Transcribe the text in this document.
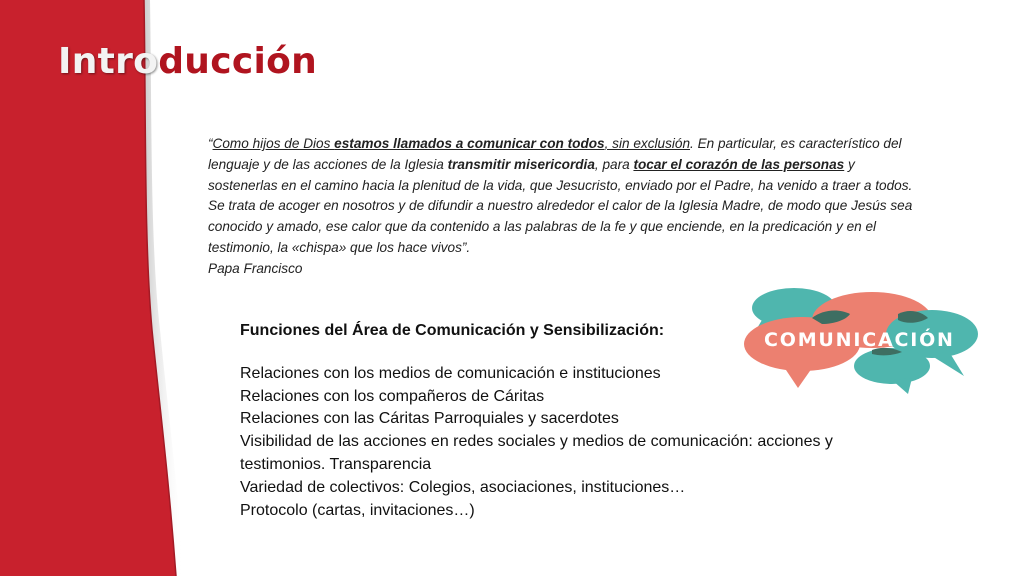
Introducción

“Como hijos de Dios estamos llamados a comunicar con todos, sin exclusión. En particular, es característico del lenguaje y de las acciones de la Iglesia transmitir misericordia, para tocar el corazón de las personas y sostenerlas en el camino hacia la plenitud de la vida, que Jesucristo, enviado por el Padre, ha venido a traer a todos. Se trata de acoger en nosotros y de difundir a nuestro alrededor el calor de la Iglesia Madre, de modo que Jesús sea conocido y amado, ese calor que da contenido a las palabras de la fe y que enciende, en la predicación y en el testimonio, la «chispa» que los hace vivos”.
Papa Francisco

Funciones del Área de Comunicación y Sensibilización:
Relaciones con los medios de comunicación e instituciones
Relaciones con los compañeros de Cáritas
Relaciones con las Cáritas Parroquiales y sacerdotes
Visibilidad de las acciones en redes sociales y medios de comunicación: acciones y testimonios. Transparencia
Variedad de colectivos: Colegios, asociaciones, instituciones…
Protocolo (cartas, invitaciones…)
COMUNICACIÓN
